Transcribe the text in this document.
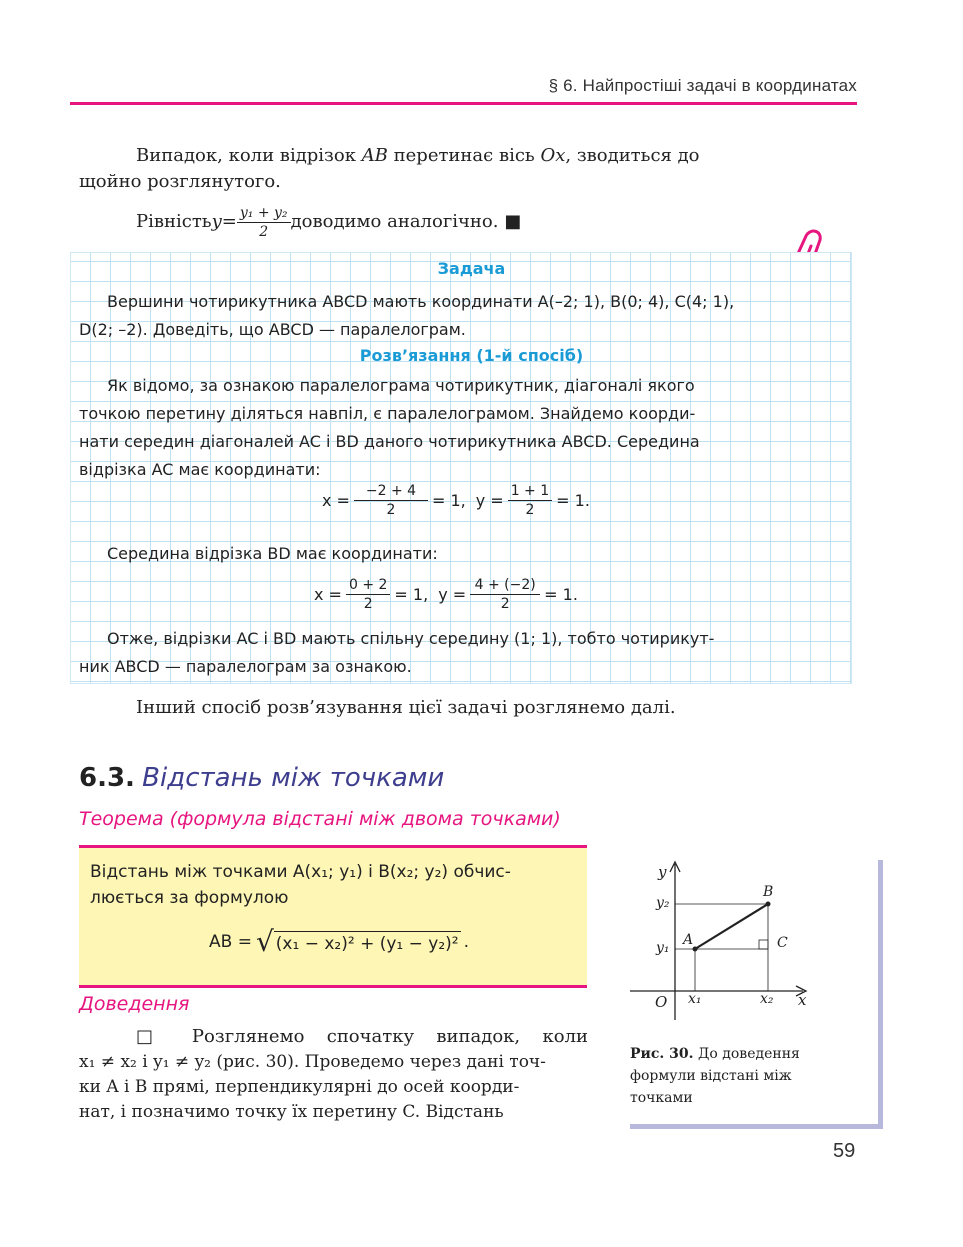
§ 6. Найпростіші задачі в координатах
Випадок, коли відрізок AB перетинає вісь Ox, зводиться до
щойно розглянутого.
Рівність $y = \frac{\text{y₁ + y₂}}{2}$ доводимо аналогічно. ■
Задача
Вершини чотирикутника ABCD мають координати A(–2; 1), B(0; 4), C(4; 1),
D(2; –2). Доведіть, що ABCD — паралелограм.
Розв’язання (1-й спосіб)
Як відомо, за ознакою паралелограма чотирикутник, діагоналі якого
точкою перетину діляться навпіл, є паралелограмом. Знайдемо коорди-
нати середин діагоналей AC і BD даного чотирикутника ABCD. Середина
відрізка AC має координати:
$x = \frac{-2 + 4}{2} = 1$, $y = \frac{1 + 1}{2} = 1$.
Середина відрізка BD має координати:
$x = \frac{0 + 2}{2} = 1$, $y = \frac{4 + (-2)}{2} = 1$.
Отже, відрізки AC і BD мають спільну середину (1; 1), тобто чотирикут-
ник ABCD — паралелограм за ознакою.
Інший спосіб розв’язування цієї задачі розглянемо далі.
6.3. Відстань між точками
Теорема (формула відстані між двома точками)
Відстань між точками A(x₁; y₁) і B(x₂; y₂) обчис-
люється за формулою
AB = √ (x₁ − x₂)² + (y₁ − y₂)² .
Доведення
□ Розглянемо спочатку випадок, коли
x₁ ≠ x₂ і y₁ ≠ y₂ (рис. 30). Проведемо через дані точ-
ки A і B прямі, перпендикулярні до осей коорди-
нат, і позначимо точку їх перетину C. Відстань
y
x
O
y₂
y₁
x₁	x₂
A
B
C
Рис. 30. До доведення
формули відстані між
точками
59
